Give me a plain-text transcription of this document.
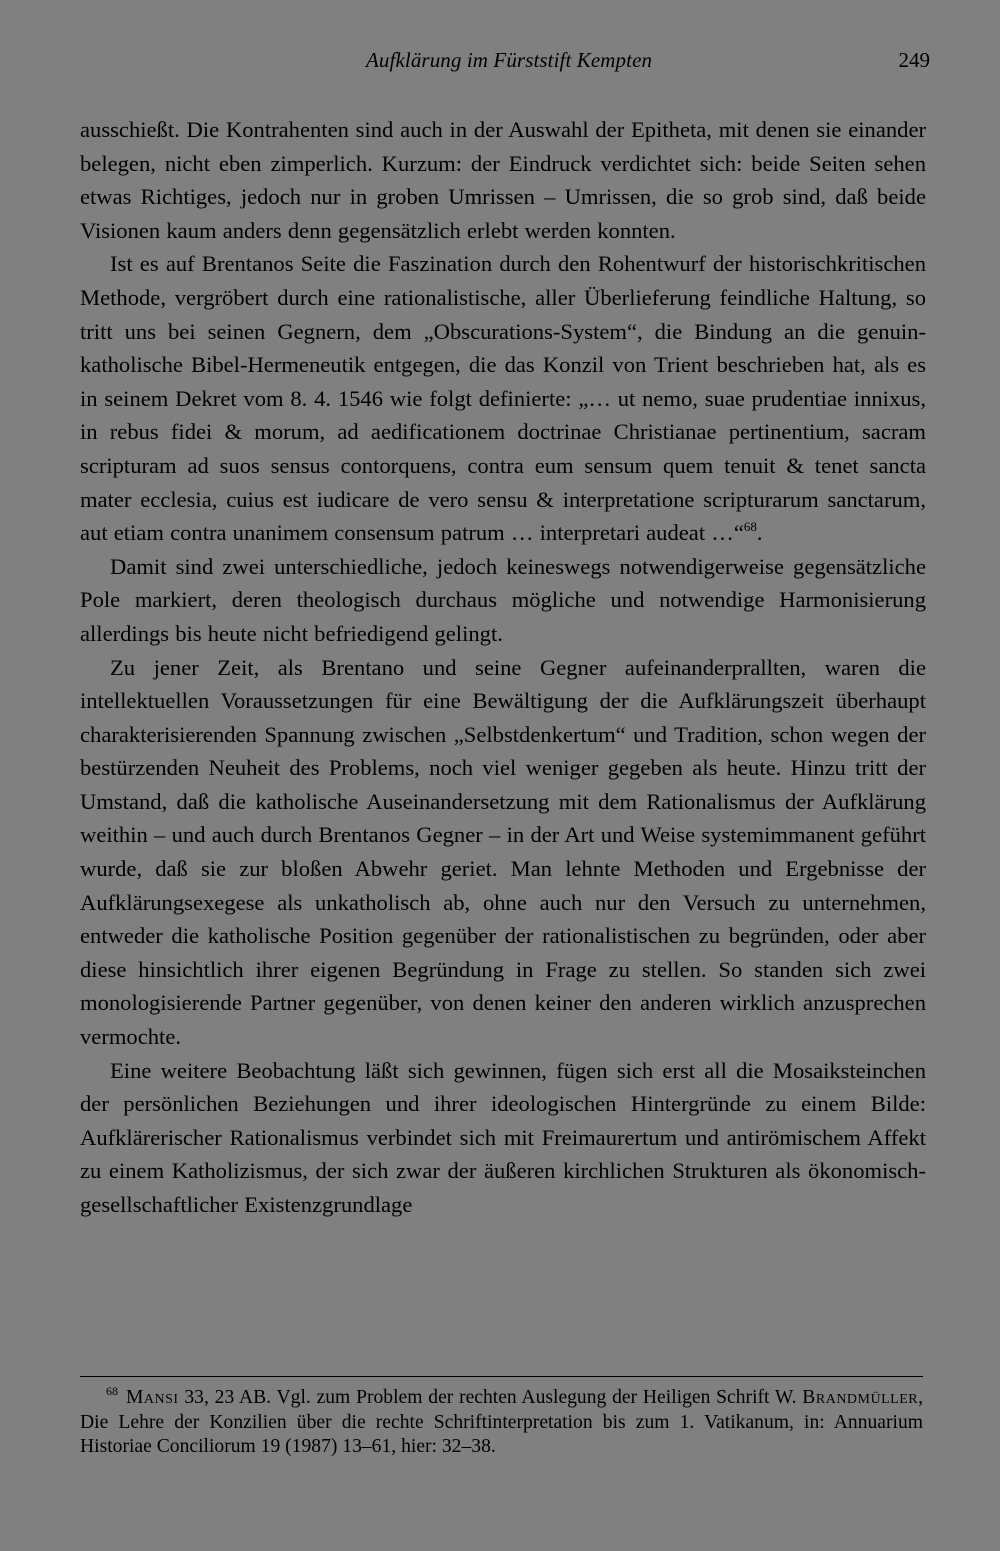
Aufklärung im Fürststift Kempten	249

ausschießt. Die Kontrahenten sind auch in der Auswahl der Epitheta, mit denen sie einander belegen, nicht eben zimperlich. Kurzum: der Eindruck verdichtet sich: beide Seiten sehen etwas Richtiges, jedoch nur in groben Umrissen – Umrissen, die so grob sind, daß beide Visionen kaum anders denn gegensätzlich erlebt werden konnten.

Ist es auf Brentanos Seite die Faszination durch den Rohentwurf der historischkritischen Methode, vergröbert durch eine rationalistische, aller Überlieferung feindliche Haltung, so tritt uns bei seinen Gegnern, dem „Obscurations-System“, die Bindung an die genuin-katholische Bibel-Hermeneutik entgegen, die das Konzil von Trient beschrieben hat, als es in seinem Dekret vom 8. 4. 1546 wie folgt definierte: „… ut nemo, suae prudentiae innixus, in rebus fidei & morum, ad aedificationem doctrinae Christianae pertinentium, sacram scripturam ad suos sensus contorquens, contra eum sensum quem tenuit & tenet sancta mater ecclesia, cuius est iudicare de vero sensu & interpretatione scripturarum sanctarum, aut etiam contra unanimem consensum patrum … interpretari audeat …“$^{68}$.

Damit sind zwei unterschiedliche, jedoch keineswegs notwendigerweise gegensätzliche Pole markiert, deren theologisch durchaus mögliche und notwendige Harmonisierung allerdings bis heute nicht befriedigend gelingt.

Zu jener Zeit, als Brentano und seine Gegner aufeinanderprallten, waren die intellektuellen Voraussetzungen für eine Bewältigung der die Aufklärungszeit überhaupt charakterisierenden Spannung zwischen „Selbstdenkertum“ und Tradition, schon wegen der bestürzenden Neuheit des Problems, noch viel weniger gegeben als heute. Hinzu tritt der Umstand, daß die katholische Auseinandersetzung mit dem Rationalismus der Aufklärung weithin – und auch durch Brentanos Gegner – in der Art und Weise systemimmanent geführt wurde, daß sie zur bloßen Abwehr geriet. Man lehnte Methoden und Ergebnisse der Aufklärungsexegese als unkatholisch ab, ohne auch nur den Versuch zu unternehmen, entweder die katholische Position gegenüber der rationalistischen zu begründen, oder aber diese hinsichtlich ihrer eigenen Begründung in Frage zu stellen. So standen sich zwei monologisierende Partner gegenüber, von denen keiner den anderen wirklich anzusprechen vermochte.

Eine weitere Beobachtung läßt sich gewinnen, fügen sich erst all die Mosaiksteinchen der persönlichen Beziehungen und ihrer ideologischen Hintergründe zu einem Bilde: Aufklärerischer Rationalismus verbindet sich mit Freimaurertum und antirömischem Affekt zu einem Katholizismus, der sich zwar der äußeren kirchlichen Strukturen als ökonomisch-gesellschaftlicher Existenzgrundlage

$^{68}$ Mansi 33, 23 AB. Vgl. zum Problem der rechten Auslegung der Heiligen Schrift W. Brandmüller, Die Lehre der Konzilien über die rechte Schriftinterpretation bis zum 1. Vatikanum, in: Annuarium Historiae Conciliorum 19 (1987) 13–61, hier: 32–38.
